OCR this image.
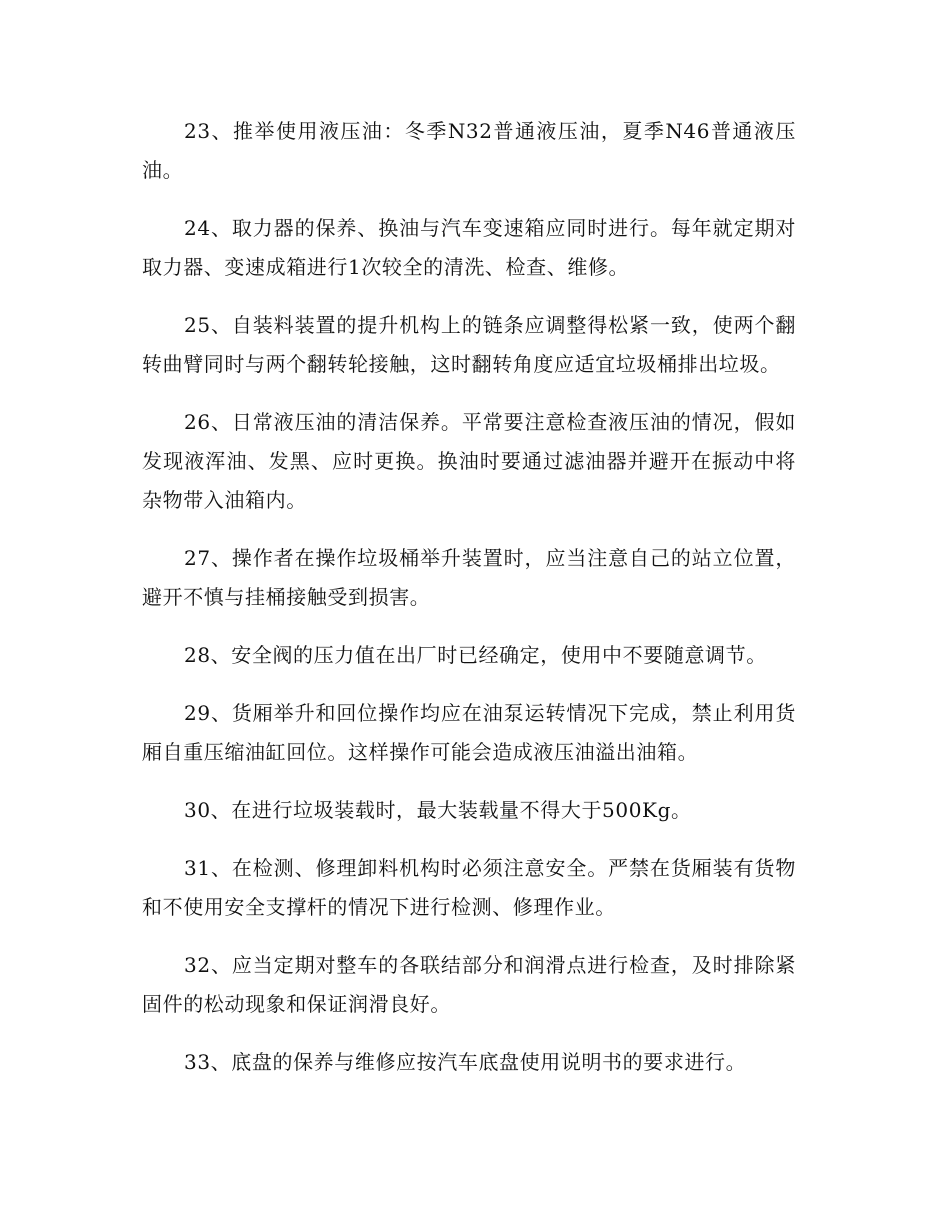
23、推举使用液压油：冬季N32普通液压油，夏季N46普通液压油。

24、取力器的保养、换油与汽车变速箱应同时进行。每年就定期对取力器、变速成箱进行1次较全的清洗、检查、维修。

25、自装料装置的提升机构上的链条应调整得松紧一致，使两个翻转曲臂同时与两个翻转轮接触，这时翻转角度应适宜垃圾桶排出垃圾。

26、日常液压油的清洁保养。平常要注意检查液压油的情况，假如发现液浑油、发黑、应时更换。换油时要通过滤油器并避开在振动中将杂物带入油箱内。

27、操作者在操作垃圾桶举升装置时，应当注意自己的站立位置，避开不慎与挂桶接触受到损害。

28、安全阀的压力值在出厂时已经确定，使用中不要随意调节。

29、货厢举升和回位操作均应在油泵运转情况下完成，禁止利用货厢自重压缩油缸回位。这样操作可能会造成液压油溢出油箱。

30、在进行垃圾装载时，最大装载量不得大于500Kg。

31、在检测、修理卸料机构时必须注意安全。严禁在货厢装有货物和不使用安全支撑杆的情况下进行检测、修理作业。

32、应当定期对整车的各联结部分和润滑点进行检查，及时排除紧固件的松动现象和保证润滑良好。

33、底盘的保养与维修应按汽车底盘使用说明书的要求进行。
